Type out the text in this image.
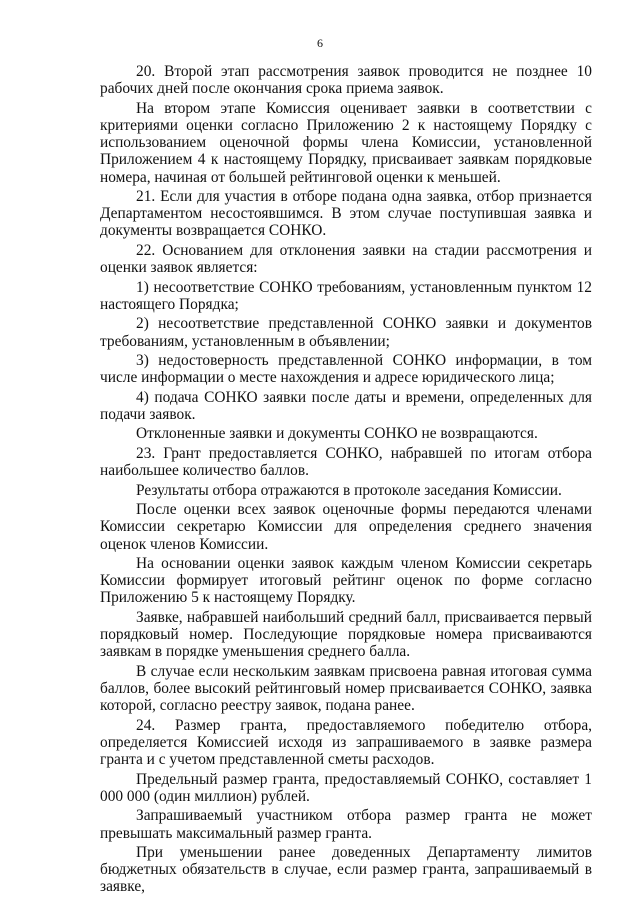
6

20. Второй этап рассмотрения заявок проводится не позднее 10 рабочих дней после окончания срока приема заявок.

На втором этапе Комиссия оценивает заявки в соответствии с критериями оценки согласно Приложению 2 к настоящему Порядку с использованием оценочной формы члена Комиссии, установленной Приложением 4 к настоящему Порядку, присваивает заявкам порядковые номера, начиная от большей рейтинговой оценки к меньшей.

21. Если для участия в отборе подана одна заявка, отбор признается Департаментом несостоявшимся. В этом случае поступившая заявка и документы возвращается СОНКО.

22. Основанием для отклонения заявки на стадии рассмотрения и оценки заявок является:

1) несоответствие СОНКО требованиям, установленным пунктом 12 настоящего Порядка;

2) несоответствие представленной СОНКО заявки и документов требованиям, установленным в объявлении;

3) недостоверность представленной СОНКО информации, в том числе информации о месте нахождения и адресе юридического лица;

4) подача СОНКО заявки после даты и времени, определенных для подачи заявок.

Отклоненные заявки и документы СОНКО не возвращаются.

23. Грант предоставляется СОНКО, набравшей по итогам отбора наибольшее количество баллов.

Результаты отбора отражаются в протоколе заседания Комиссии.

После оценки всех заявок оценочные формы передаются членами Комиссии секретарю Комиссии для определения среднего значения оценок членов Комиссии.

На основании оценки заявок каждым членом Комиссии секретарь Комиссии формирует итоговый рейтинг оценок по форме согласно Приложению 5 к настоящему Порядку.

Заявке, набравшей наибольший средний балл, присваивается первый порядковый номер. Последующие порядковые номера присваиваются заявкам в порядке уменьшения среднего балла.

В случае если нескольким заявкам присвоена равная итоговая сумма баллов, более высокий рейтинговый номер присваивается СОНКО, заявка которой, согласно реестру заявок, подана ранее.

24. Размер гранта, предоставляемого победителю отбора, определяется Комиссией исходя из запрашиваемого в заявке размера гранта и с учетом представленной сметы расходов.

Предельный размер гранта, предоставляемый СОНКО, составляет 1 000 000 (один миллион) рублей.

Запрашиваемый участником отбора размер гранта не может превышать максимальный размер гранта.

При уменьшении ранее доведенных Департаменту лимитов бюджетных обязательств в случае, если размер гранта, запрашиваемый в заявке,
